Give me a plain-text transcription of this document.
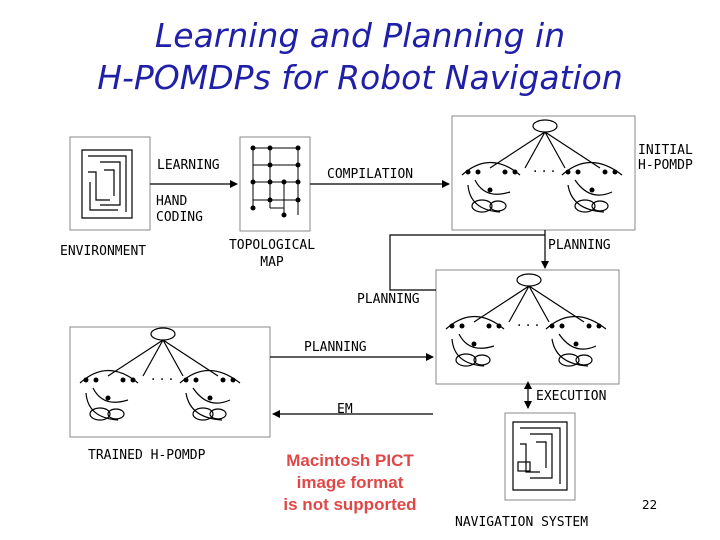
Learning and Planning in
H-POMDPs for Robot Navigation
. . .
. . .
. . .
LEARNING
COMPILATION
INITIAL
H-POMDP
HAND
CODING
ENVIRONMENT	TOPOLOGICAL
MAP
PLANNING
PLANNING
PLANNING
EM
EXECUTION
TRAINED H-POMDP
NAVIGATION SYSTEM
Macintosh PICT
image format
is not supported	22
